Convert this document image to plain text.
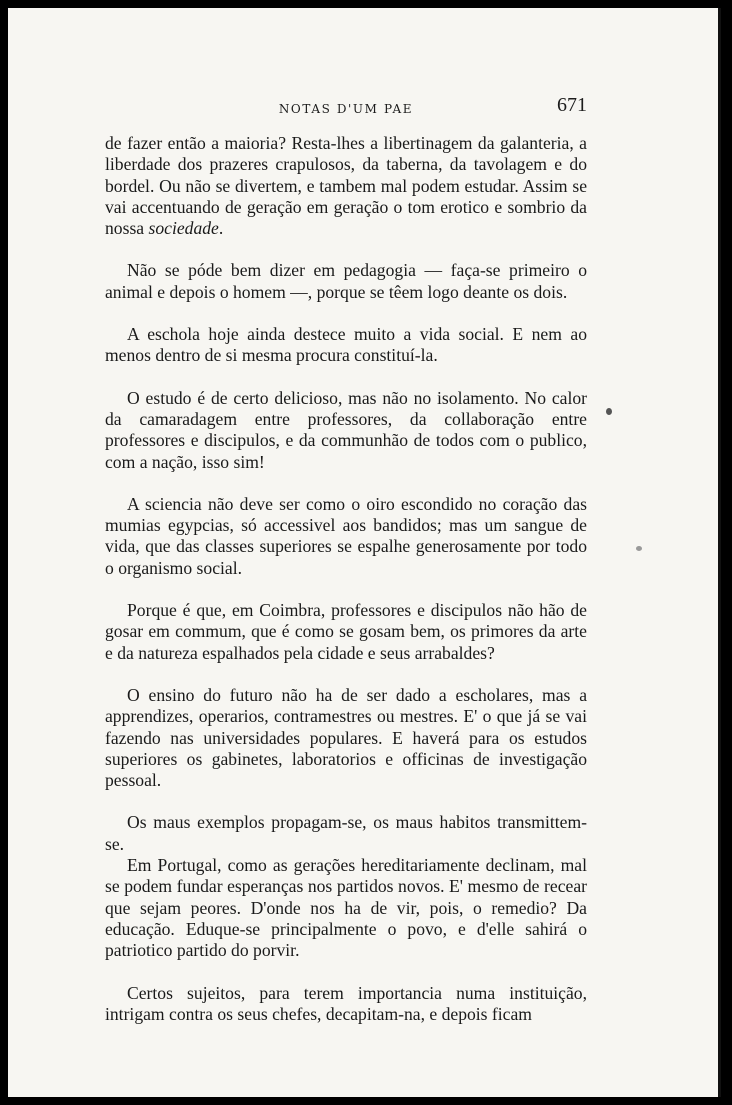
NOTAS D'UM PAE	671

de fazer então a maioria? Resta-lhes a libertinagem da galanteria, a liberdade dos prazeres crapulosos, da taberna, da tavolagem e do bordel. Ou não se divertem, e tambem mal podem estudar. Assim se vai accentuando de geração em geração o tom erotico e sombrio da nossa sociedade.

Não se póde bem dizer em pedagogia — faça-se primeiro o animal e depois o homem —, porque se têem logo deante os dois.

A eschola hoje ainda destece muito a vida social. E nem ao menos dentro de si mesma procura constituí-la.

O estudo é de certo delicioso, mas não no isolamento. No calor da camaradagem entre professores, da collaboração entre professores e discipulos, e da communhão de todos com o publico, com a nação, isso sim!

A sciencia não deve ser como o oiro escondido no coração das mumias egypcias, só accessivel aos bandidos; mas um sangue de vida, que das classes superiores se espalhe generosamente por todo o organismo social.

Porque é que, em Coimbra, professores e discipulos não hão de gosar em commum, que é como se gosam bem, os primores da arte e da natureza espalhados pela cidade e seus arrabaldes?

O ensino do futuro não ha de ser dado a escholares, mas a apprendizes, operarios, contramestres ou mestres. E' o que já se vai fazendo nas universidades populares. E haverá para os estudos superiores os gabinetes, laboratorios e officinas de investigação pessoal.

Os maus exemplos propagam-se, os maus habitos transmittem-se.

Em Portugal, como as gerações hereditariamente declinam, mal se podem fundar esperanças nos partidos novos. E' mesmo de recear que sejam peores. D'onde nos ha de vir, pois, o remedio? Da educação. Eduque-se principalmente o povo, e d'elle sahirá o patriotico partido do porvir.

Certos sujeitos, para terem importancia numa instituição, intrigam contra os seus chefes, decapitam-na, e depois ficam
